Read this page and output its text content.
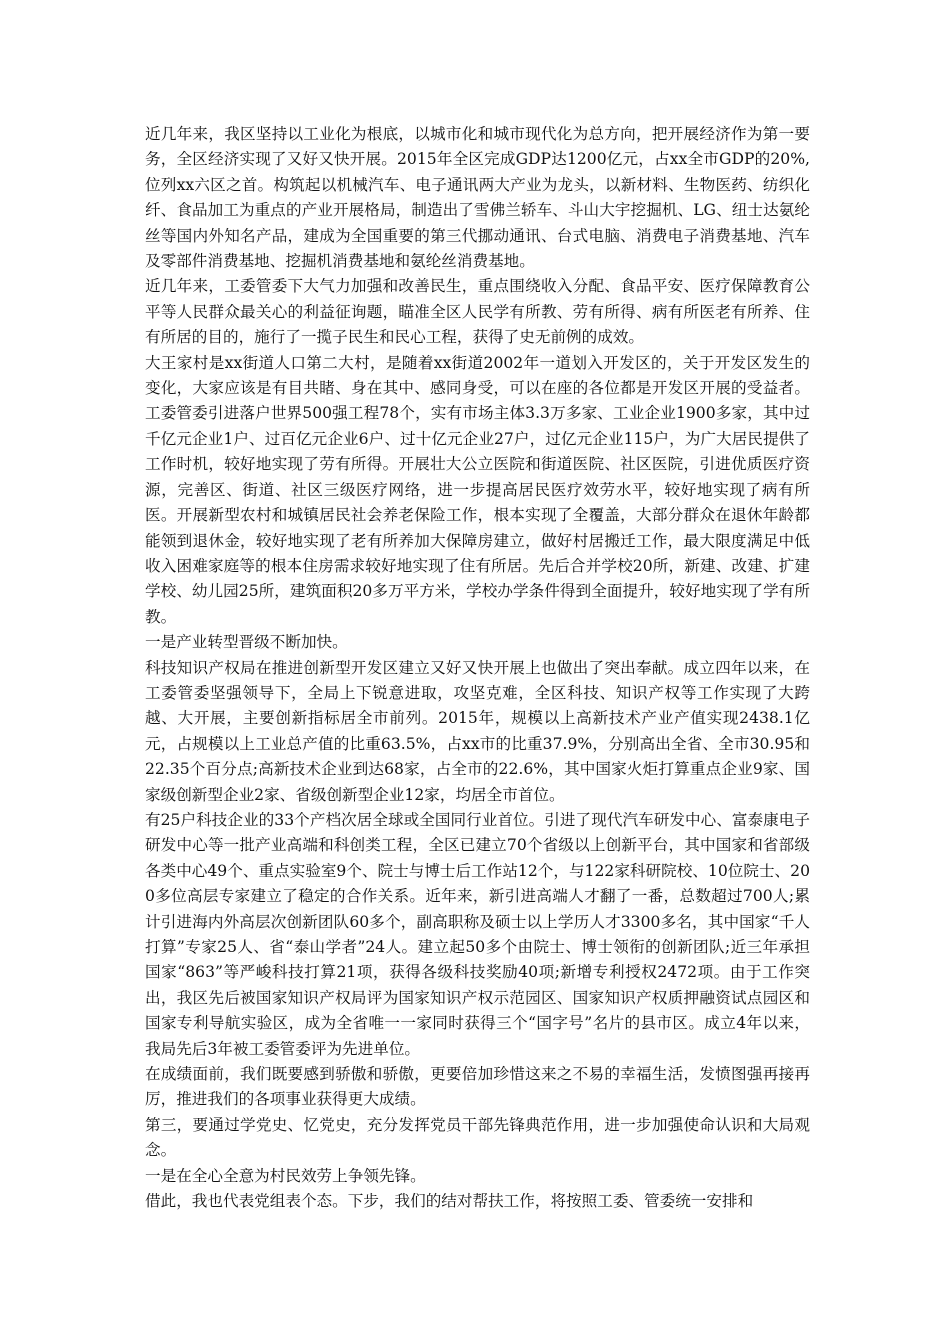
近几年来，我区坚持以工业化为根底，以城市化和城市现代化为总方向，把开展经济作为第一要务，全区经济实现了又好又快开展。2015年全区完成GDP达1200亿元，占xx全市GDP的20%,位列xx六区之首。构筑起以机械汽车、电子通讯两大产业为龙头，以新材料、生物医药、纺织化纤、食品加工为重点的产业开展格局，制造出了雪佛兰轿车、斗山大宇挖掘机、LG、纽士达氨纶丝等国内外知名产品，建成为全国重要的第三代挪动通讯、台式电脑、消费电子消费基地、汽车及零部件消费基地、挖掘机消费基地和氨纶丝消费基地。

近几年来，工委管委下大气力加强和改善民生，重点围绕收入分配、食品平安、医疗保障教育公平等人民群众最关心的利益征询题，瞄准全区人民学有所教、劳有所得、病有所医老有所养、住有所居的目的，施行了一揽子民生和民心工程，获得了史无前例的成效。

大王家村是xx街道人口第二大村，是随着xx街道2002年一道划入开发区的，关于开发区发生的变化，大家应该是有目共睹、身在其中、感同身受，可以在座的各位都是开发区开展的受益者。工委管委引进落户世界500强工程78个，实有市场主体3.3万多家、工业企业1900多家，其中过千亿元企业1户、过百亿元企业6户、过十亿元企业27户，过亿元企业115户，为广大居民提供了工作时机，较好地实现了劳有所得。开展壮大公立医院和街道医院、社区医院，引进优质医疗资源，完善区、街道、社区三级医疗网络，进一步提高居民医疗效劳水平，较好地实现了病有所医。开展新型农村和城镇居民社会养老保险工作，根本实现了全覆盖，大部分群众在退休年龄都能领到退休金，较好地实现了老有所养加大保障房建立，做好村居搬迁工作，最大限度满足中低收入困难家庭等的根本住房需求较好地实现了住有所居。先后合并学校20所，新建、改建、扩建学校、幼儿园25所，建筑面积20多万平方米，学校办学条件得到全面提升，较好地实现了学有所教。

一是产业转型晋级不断加快。

科技知识产权局在推进创新型开发区建立又好又快开展上也做出了突出奉献。成立四年以来，在工委管委坚强领导下，全局上下锐意进取，攻坚克难，全区科技、知识产权等工作实现了大跨越、大开展，主要创新指标居全市前列。2015年，规模以上高新技术产业产值实现2438.1亿元，占规模以上工业总产值的比重63.5%，占xx市的比重37.9%，分别高出全省、全市30.95和22.35个百分点;高新技术企业到达68家，占全市的22.6%，其中国家火炬打算重点企业9家、国家级创新型企业2家、省级创新型企业12家，均居全市首位。

有25户科技企业的33个产档次居全球或全国同行业首位。引进了现代汽车研发中心、富泰康电子研发中心等一批产业高端和科创类工程，全区已建立70个省级以上创新平台，其中国家和省部级各类中心49个、重点实验室9个、院士与博士后工作站12个，与122家科研院校、10位院士、200多位高层专家建立了稳定的合作关系。近年来，新引进高端人才翻了一番，总数超过700人;累计引进海内外高层次创新团队60多个，副高职称及硕士以上学历人才3300多名，其中国家“千人打算”专家25人、省“泰山学者”24人。建立起50多个由院士、博士领衔的创新团队;近三年承担国家“863”等严峻科技打算21项，获得各级科技奖励40项;新增专利授权2472项。由于工作突出，我区先后被国家知识产权局评为国家知识产权示范园区、国家知识产权质押融资试点园区和国家专利导航实验区，成为全省唯一一家同时获得三个“国字号”名片的县市区。成立4年以来，我局先后3年被工委管委评为先进单位。

在成绩面前，我们既要感到骄傲和骄傲，更要倍加珍惜这来之不易的幸福生活，发愤图强再接再厉，推进我们的各项事业获得更大成绩。

第三，要通过学党史、忆党史，充分发挥党员干部先锋典范作用，进一步加强使命认识和大局观念。

一是在全心全意为村民效劳上争领先锋。

借此，我也代表党组表个态。下步，我们的结对帮扶工作，将按照工委、管委统一安排和
